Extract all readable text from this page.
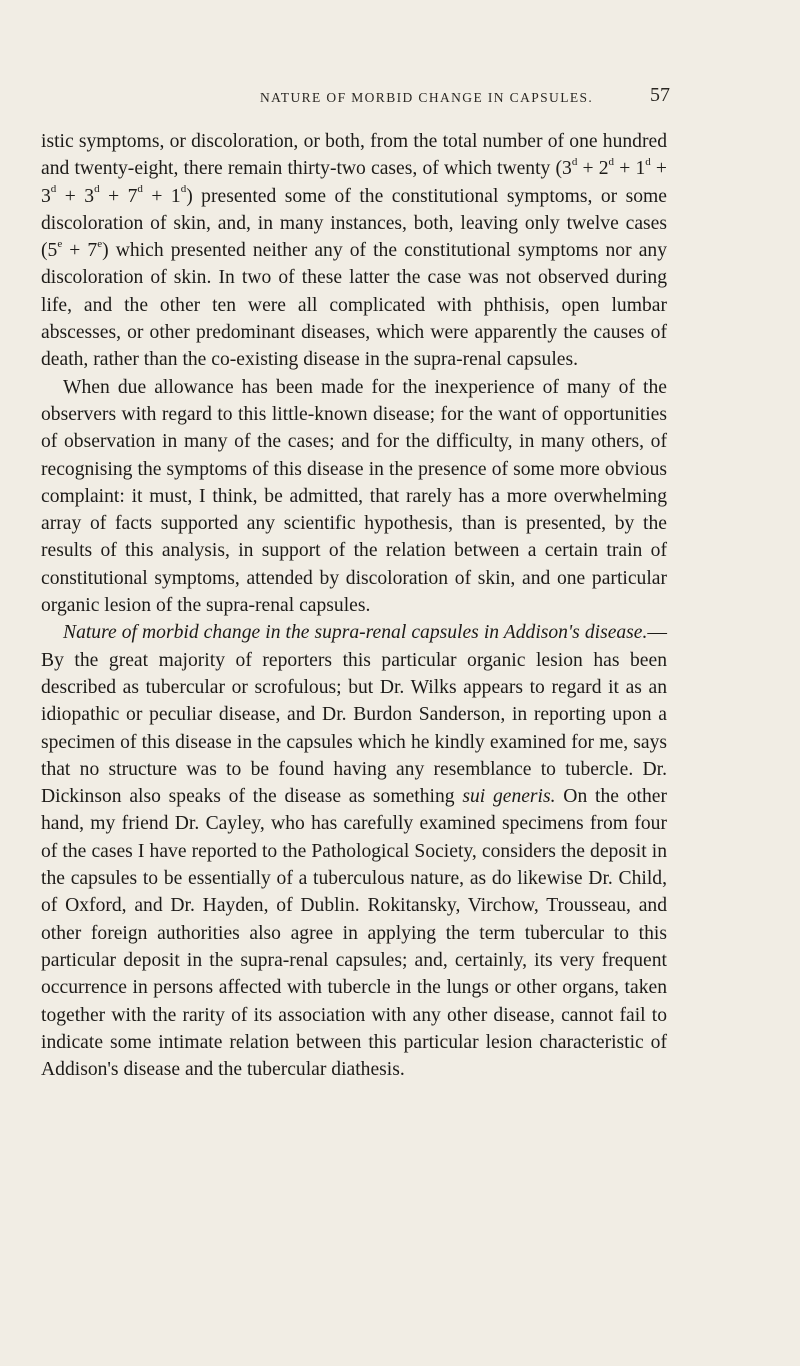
NATURE OF MORBID CHANGE IN CAPSULES.	57

istic symptoms, or discoloration, or both, from the total number of one hundred and twenty-eight, there remain thirty-two cases, of which twenty $(3^d + 2^d + 1^d + 3^d + 3^d + 7^d + 1^d)$ presented some of the constitutional symptoms, or some discoloration of skin, and, in many instances, both, leaving only twelve cases $(5^e + 7^e)$ which presented neither any of the constitutional symptoms nor any discoloration of skin. In two of these latter the case was not observed during life, and the other ten were all complicated with phthisis, open lumbar abscesses, or other predominant diseases, which were apparently the causes of death, rather than the co-existing disease in the supra-renal capsules.

When due allowance has been made for the inexperience of many of the observers with regard to this little-known disease; for the want of opportunities of observation in many of the cases; and for the difficulty, in many others, of recognising the symptoms of this disease in the presence of some more obvious complaint: it must, I think, be admitted, that rarely has a more overwhelming array of facts supported any scientific hypothesis, than is presented, by the results of this analysis, in support of the relation between a certain train of constitutional symptoms, attended by discoloration of skin, and one particular organic lesion of the supra-renal capsules.

Nature of morbid change in the supra-renal capsules in Addison's disease.—By the great majority of reporters this particular organic lesion has been described as tubercular or scrofulous; but Dr. Wilks appears to regard it as an idiopathic or peculiar disease, and Dr. Burdon Sanderson, in reporting upon a specimen of this disease in the capsules which he kindly examined for me, says that no structure was to be found having any resemblance to tubercle. Dr. Dickinson also speaks of the disease as something sui generis. On the other hand, my friend Dr. Cayley, who has carefully examined specimens from four of the cases I have reported to the Pathological Society, considers the deposit in the capsules to be essentially of a tuberculous nature, as do likewise Dr. Child, of Oxford, and Dr. Hayden, of Dublin. Rokitansky, Virchow, Trousseau, and other foreign authorities also agree in applying the term tubercular to this particular deposit in the supra-renal capsules; and, certainly, its very frequent occurrence in persons affected with tubercle in the lungs or other organs, taken together with the rarity of its association with any other disease, cannot fail to indicate some intimate relation between this particular lesion characteristic of Addison's disease and the tubercular diathesis.
